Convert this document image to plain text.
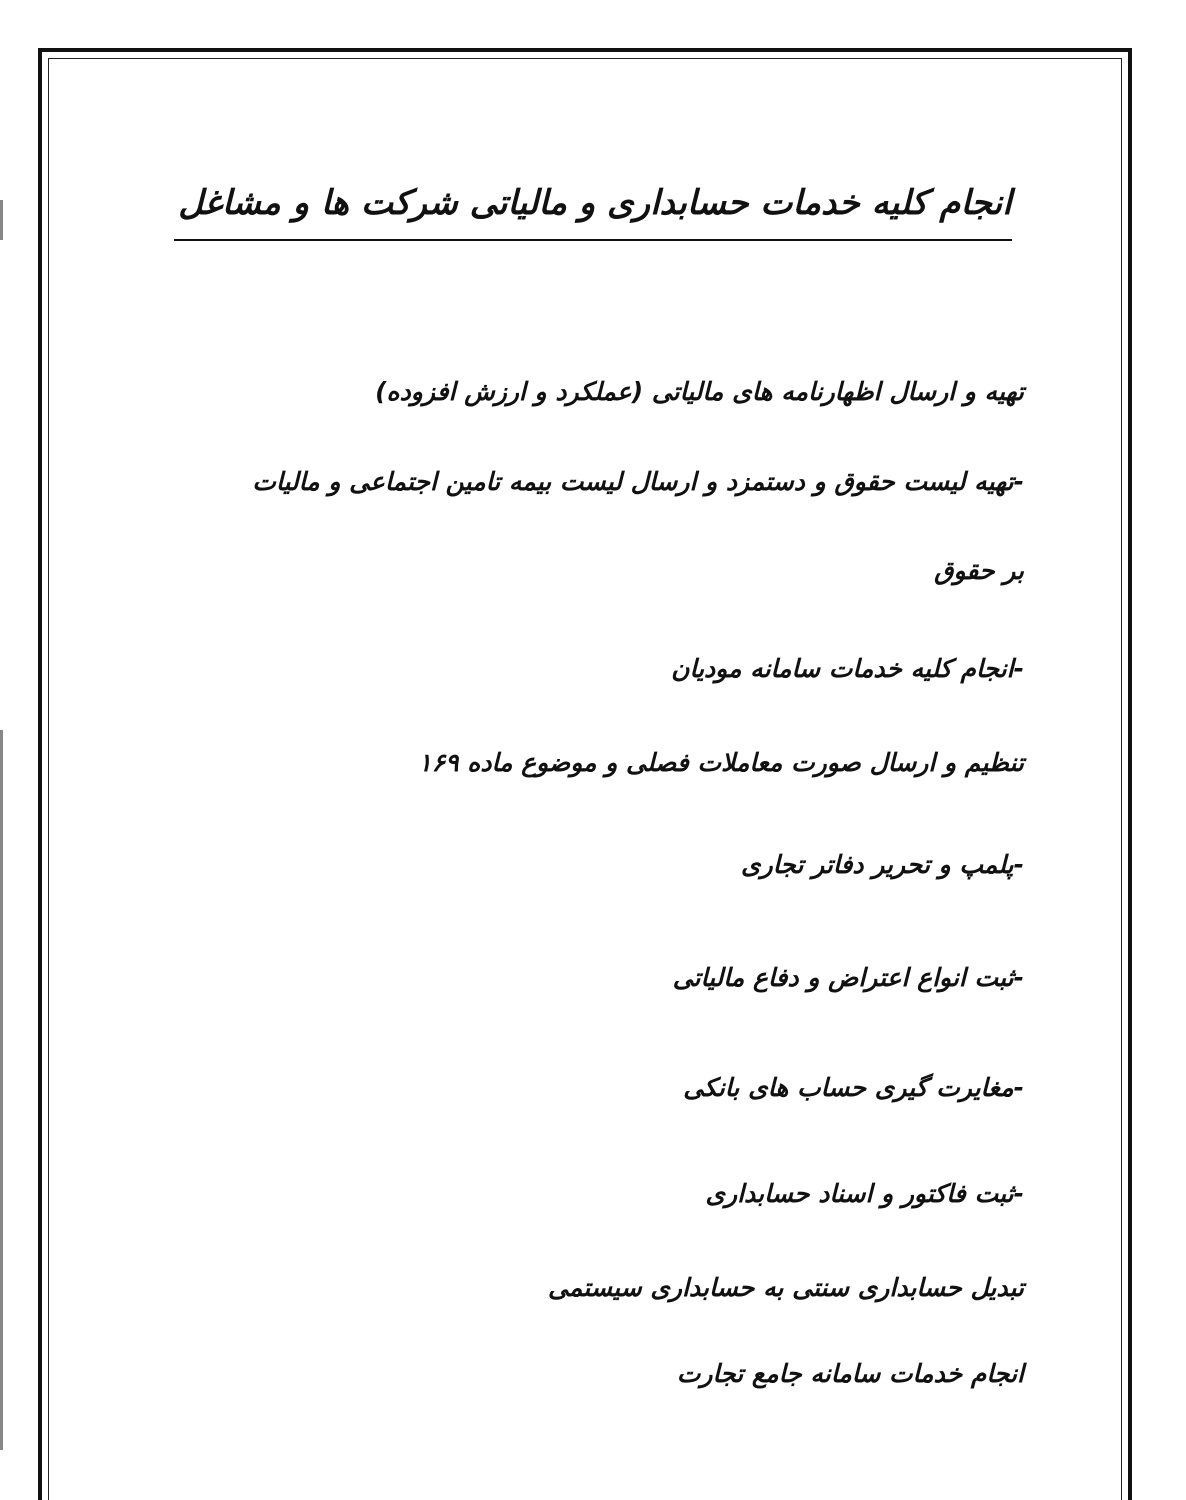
انجام کلیه خدمات حسابداری و مالیاتی شرکت ها و مشاغل
تهیه و ارسال اظهارنامه های مالیاتی (عملکرد و ارزش افزوده)
-تهیه لیست حقوق و دستمزد و ارسال لیست بیمه تامین اجتماعی و مالیات
بر حقوق
-انجام کلیه خدمات سامانه مودیان
تنظیم و ارسال صورت معاملات فصلی و موضوع ماده ۱۶۹
-پلمپ و تحریر دفاتر تجاری
-ثبت انواع اعتراض و دفاع مالیاتی
-مغایرت گیری حساب های بانکی
-ثبت فاکتور و اسناد حسابداری
تبدیل حسابداری سنتی به حسابداری سیستمی
انجام خدمات سامانه جامع تجارت
